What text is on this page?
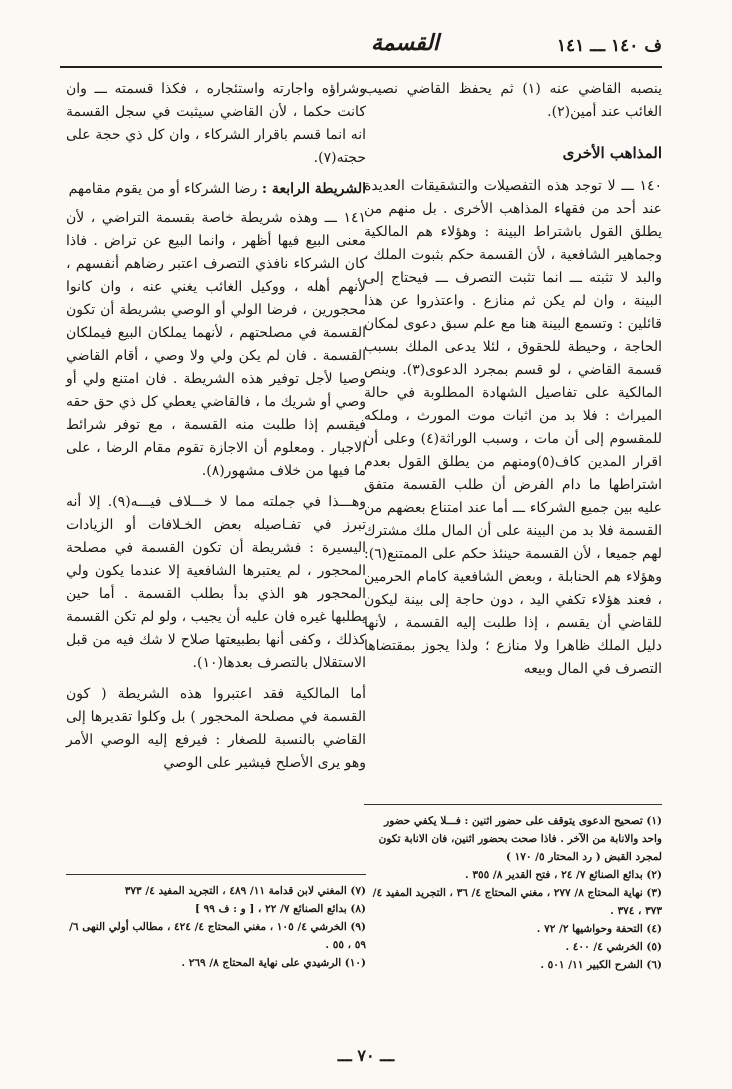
ف ١٤٠ ـــ ١٤١
القسمة

ينصبه القاضي عنه (١) ثم يحفظ القاضي نصيب الغائب عند أمين(٢).

المذاهب الأخرى

١٤٠ ـــ لا توجد هذه التفصيلات والتشقيقات العديدة عند أحد من فقهاء المذاهب الأخرى . بل منهم من يطلق القول باشتراط البينة : وهؤلاء هم المالكية وجماهير الشافعية ، لأن القسمة حكم بثبوت الملك ، والبد لا تثبته ـــ انما تثبت التصرف ـــ فيحتاج إلى البينة ، وان لم يكن ثم منازع . واعتذروا عن هذا قائلين : وتسمع البينة هنا مع علم سبق دعوى لمكان الحاجة ، وحيطة للحقوق ، لئلا يدعى الملك بسبب قسمة القاضي ، لو قسم بمجرد الدعوى(٣). وينص المالكية على تفاصيل الشهادة المطلوبة في حالة الميراث : فلا بد من اثبات موت المورث ، وملكه للمقسوم إلى أن مات ، وسبب الوراثة(٤) وعلى أن اقرار المدين كاف(٥)ومنهم من يطلق القول بعدم اشتراطها ما دام الفرض أن طلب القسمة متفق عليه بين جميع الشركاء ـــ أما عند امتناع بعضهم من القسمة فلا بد من البينة على أن المال ملك مشترك لهم جميعا ، لأن القسمة حينئذ حكم على الممتنع(٦): وهؤلاء هم الحنابلة ، وبعض الشافعية كامام الحرمين ، فعند هؤلاء تكفي اليد ، دون حاجة إلى بينة ليكون للقاضي أن يقسم ، إذا طلبت إليه القسمة ، لأنها دليل الملك ظاهرا ولا منازع ؛ ولذا يجوز بمقتضاها التصرف في المال وبيعه

وشراؤه واجارته واستئجاره ، فكذا قسمته ـــ وان كانت حكما ، لأن القاضي سيثبت في سجل القسمة انه انما قسم باقرار الشركاء ، وان كل ذي حجة على حجته(٧).

الشريطة الرابعة : رضا الشركاء أو من يقوم مقامهم

١٤١ ـــ وهذه شريطة خاصة بقسمة التراضي ، لأن معنى البيع فيها أظهر ، وانما البيع عن تراض . فاذا كان الشركاء نافذي التصرف اعتبر رضاهم أنفسهم ، لأنهم أهله ، ووكيل الغائب يغني عنه ، وان كانوا محجورين ، فرضا الولي أو الوصي بشريطة أن تكون القسمة في مصلحتهم ، لأنهما يملكان البيع فيملكان القسمة . فان لم يكن ولي ولا وصي ، أقام القاضي وصيا لأجل توفير هذه الشريطة . فان امتنع ولي أو وصي أو شريك ما ، فالقاضي يعطي كل ذي حق حقه فيقسم إذا طلبت منه القسمة ، مع توفر شرائط الاجبار . ومعلوم أن الاجازة تقوم مقام الرضا ، على ما فيها من خلاف مشهور(٨).

وهـــذا في جملته مما لا خـــلاف فيـــه(٩). إلا أنه تبرز في تفـاصيله بعض الخـلافات أو الزيادات اليسيرة : فشريطة أن تكون القسمة في مصلحة المحجور ، لم يعتبرها الشافعية إلا عندما يكون ولي المحجور هو الذي بدأ بطلب القسمة . أما حين يطلبها غيره فان عليه أن يجيب ، ولو لم تكن القسمة كذلك ، وكفى أنها بطبيعتها صلاح لا شك فيه من قبل الاستقلال بالتصرف بعدها(١٠).

أما المالكية فقد اعتبروا هذه الشريطة ( كون القسمة في مصلحة المحجور ) بل وكلوا تقديرها إلى القاضي بالنسبة للصغار : فيرفع إليه الوصي الأمر وهو يرى الأصلح فيشير على الوصي

(١) تصحيح الدعوى يتوقف على حضور اثنين : فـــلا يكفي حضور واحد والانابة من الآخر . فاذا صحت بحضور اثنين، فان الانابة تكون لمجرد القبض ( رد المحتار ٥/ ١٧٠ )
(٢) بدائع الصنائع ٧/ ٢٤ ، فتح القدير ٨/ ٣٥٥ .
(٣) نهاية المحتاج ٨/ ٢٧٧ ، مغني المحتاج ٤/ ٣٦ ، التجريد المفيد ٤/ ٣٧٣ ، ٣٧٤ .
(٤) التحفة وحواشيها ٢/ ٧٢ .
(٥) الخرشي ٤/ ٤٠٠ .
(٦) الشرح الكبير ١١/ ٥٠١ .
(٧) المغني لابن قدامة ١١/ ٤٨٩ ، التجريد المفيد ٤/ ٣٧٣
(٨) بدائع الصنائع ٧/ ٢٢ ، [ و : ف ٩٩ ]
(٩) الخرشي ٤/ ١٠٥ ، مغني المحتاج ٤/ ٤٢٤ ، مطالب أولي النهى ٦/ ٥٩ ، ٥٥ .
(١٠) الرشيدي على نهاية المحتاج ٨/ ٢٦٩ .
ـــ ٧٠ ـــ
